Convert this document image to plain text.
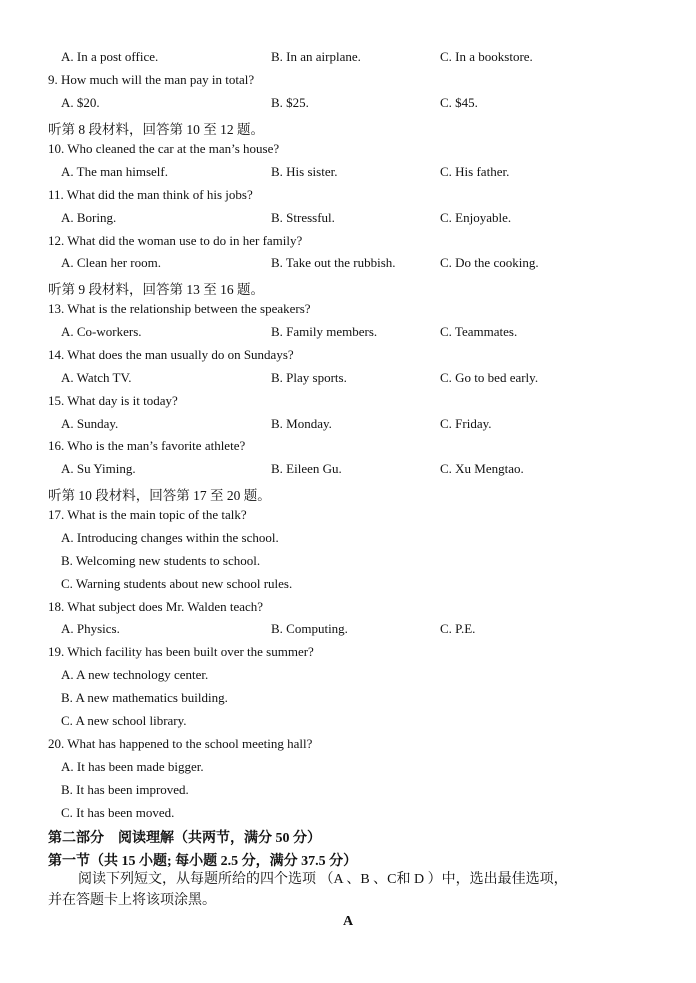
A. In a post office.	B. In an airplane.	C. In a bookstore.
9. How much will the man pay in total?
A. $20.	B. $25.	C. $45.
听第 8 段材料，回答第 10 至 12 题。
10. Who cleaned the car at the man’s house?
A. The man himself.	B. His sister.	C. His father.
11. What did the man think of his jobs?
A. Boring.	B. Stressful.	C. Enjoyable.
12. What did the woman use to do in her family?
A. Clean her room.	B. Take out the rubbish.	C. Do the cooking.
听第 9 段材料，回答第 13 至 16 题。
13. What is the relationship between the speakers?
A. Co-workers.	B. Family members.	C. Teammates.
14. What does the man usually do on Sundays?
A. Watch TV.	B. Play sports.	C. Go to bed early.
15. What day is it today?
A. Sunday.	B. Monday.	C. Friday.
16. Who is the man’s favorite athlete?
A. Su Yiming.	B. Eileen Gu.	C. Xu Mengtao.
听第 10 段材料，回答第 17 至 20 题。
17. What is the main topic of the talk?
A. Introducing changes within the school.
B. Welcoming new students to school.
C. Warning students about new school rules.
18. What subject does Mr. Walden teach?
A. Physics.	B. Computing.	C. P.E.
19. Which facility has been built over the summer?
A. A new technology center.
B. A new mathematics building.
C. A new school library.
20. What has happened to the school meeting hall?
A. It has been made bigger.
B. It has been improved.
C. It has been moved.
第二部分　阅读理解（共两节，满分 50 分）
第一节（共 15 小题; 每小题 2.5 分，满分 37.5 分）
阅读下列短文，从每题所给的四个选项 （A 、B 、C和 D ）中，选出最佳选项，
并在答题卡上将该项涂黑。
A
